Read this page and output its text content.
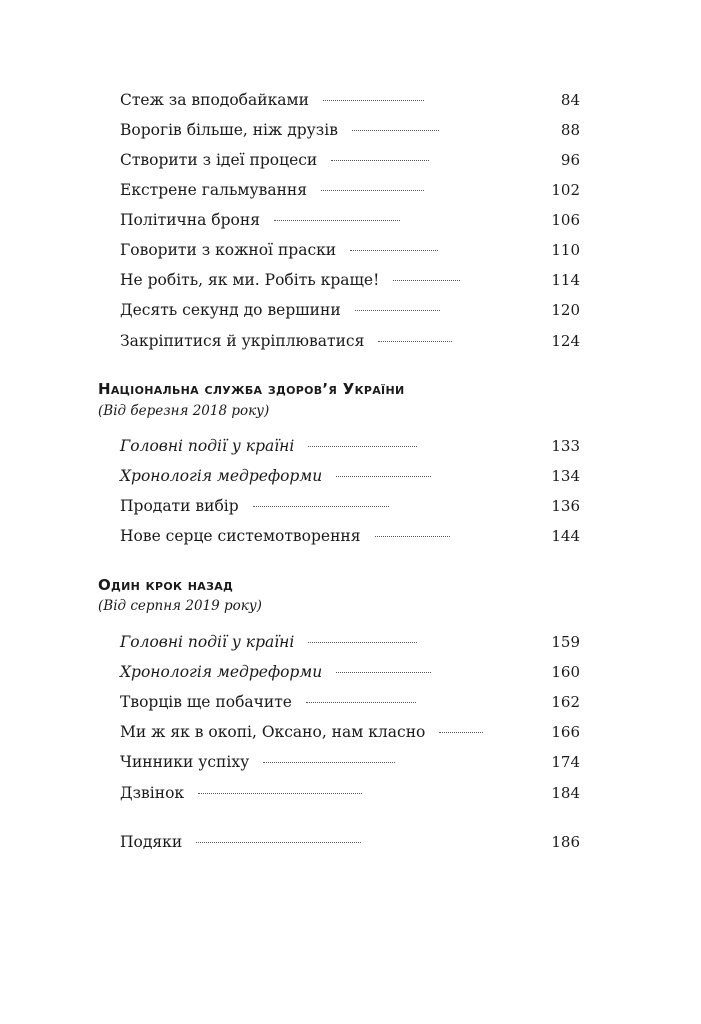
Стеж за вподобайками	84
Ворогів більше, ніж друзів	88
Створити з ідеї процеси	96
Екстрене гальмування	102
Політична броня	106
Говорити з кожної праски	110
Не робіть, як ми. Робіть краще!	114
Десять секунд до вершини	120
Закріпитися й укріплюватися	124
Національна служба здоров’я України
(Від березня 2018 року)
Головні події у країні	133
Хронологія медреформи	134
Продати вибір	136
Нове серце системотворення	144
Один крок назад
(Від серпня 2019 року)
Головні події у країні	159
Хронологія медреформи	160
Творців ще побачите	162
Ми ж як в окопі, Оксано, нам класно	166
Чинники успіху	174
Дзвінок	184
Подяки	186
